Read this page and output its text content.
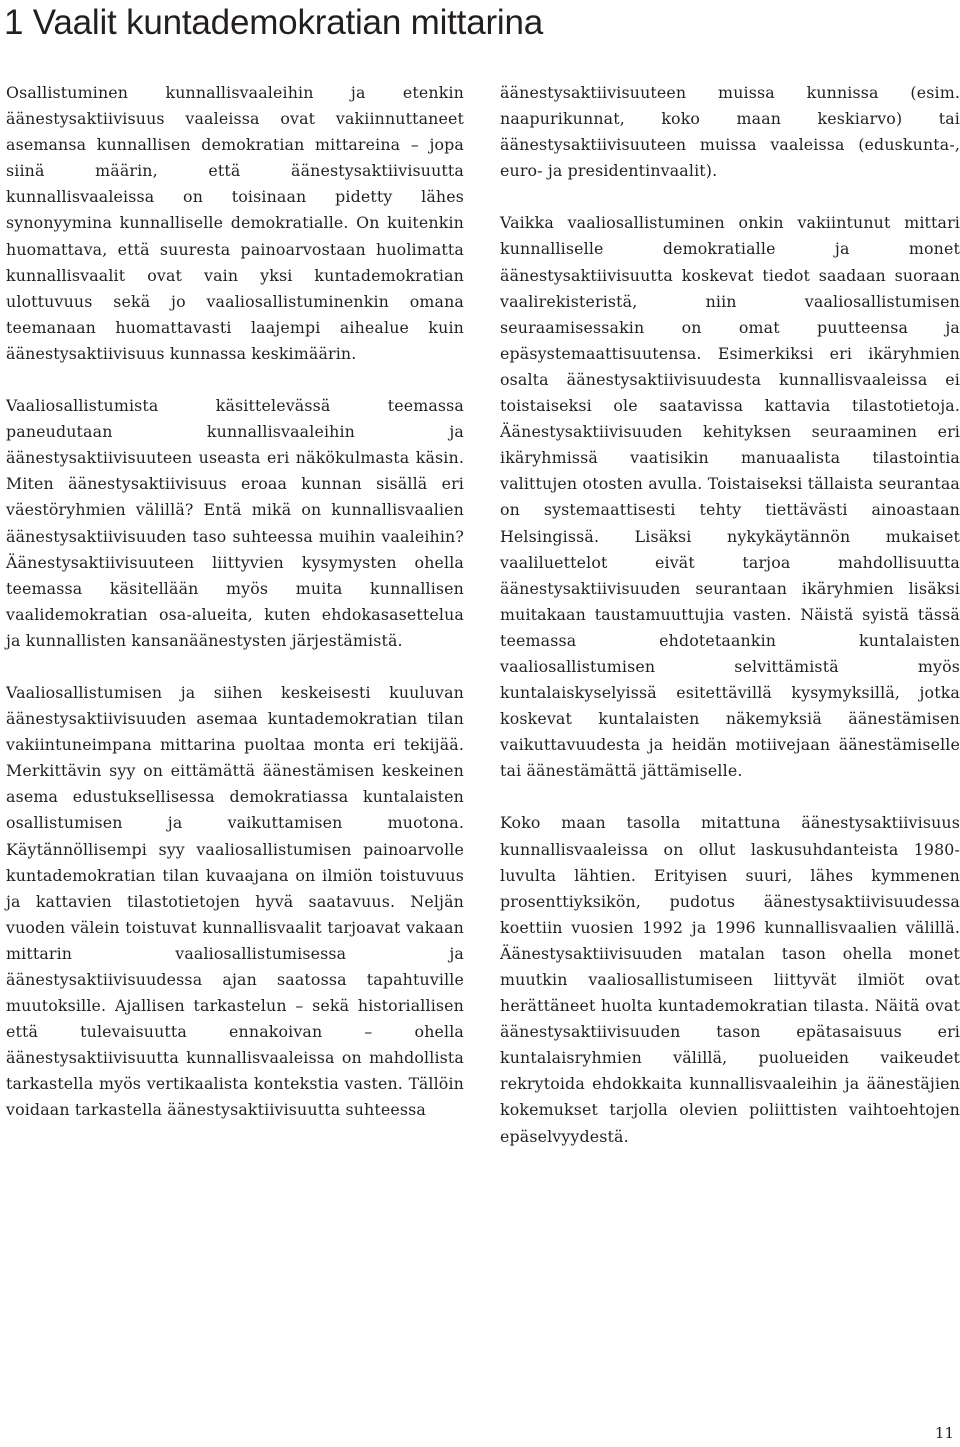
1 Vaalit kuntademokratian mittarina

Osallistuminen kunnallisvaaleihin ja etenkin äänestysaktiivisuus vaaleissa ovat vakiinnuttaneet asemansa kunnallisen demokratian mittareina – jopa siinä määrin, että äänestysaktiivisuutta kunnallisvaaleissa on toisinaan pidetty lähes synonyymina kunnalliselle demokratialle. On kuitenkin huomattava, että suuresta painoarvostaan huolimatta kunnallisvaalit ovat vain yksi kuntademokratian ulottuvuus sekä jo vaaliosallistuminenkin omana teemanaan huomattavasti laajempi aihealue kuin äänestysaktiivisuus kunnassa keskimäärin.

Vaaliosallistumista käsittelevässä teemassa paneudutaan kunnallisvaaleihin ja äänestysaktiivisuuteen useasta eri näkökulmasta käsin. Miten äänestysaktiivisuus eroaa kunnan sisällä eri väestöryhmien välillä? Entä mikä on kunnallisvaalien äänestysaktiivisuuden taso suhteessa muihin vaaleihin? Äänestysaktiivisuuteen liittyvien kysymysten ohella teemassa käsitellään myös muita kunnallisen vaalidemokratian osa-alueita, kuten ehdokasasettelua ja kunnallisten kansanäänestysten järjestämistä.

Vaaliosallistumisen ja siihen keskeisesti kuuluvan äänestysaktiivisuuden asemaa kuntademokratian tilan vakiintuneimpana mittarina puoltaa monta eri tekijää. Merkittävin syy on eittämättä äänestämisen keskeinen asema edustuksellisessa demokratiassa kuntalaisten osallistumisen ja vaikuttamisen muotona. Käytännöllisempi syy vaaliosallistumisen painoarvolle kuntademokratian tilan kuvaajana on ilmiön toistuvuus ja kattavien tilastotietojen hyvä saatavuus. Neljän vuoden välein toistuvat kunnallisvaalit tarjoavat vakaan mittarin vaaliosallistumisessa ja äänestysaktiivisuudessa ajan saatossa tapahtuville muutoksille. Ajallisen tarkastelun – sekä historiallisen että tulevaisuutta ennakoivan – ohella äänestysaktiivisuutta kunnallisvaaleissa on mahdollista tarkastella myös vertikaalista kontekstia vasten. Tällöin voidaan tarkastella äänestysaktiivisuutta suhteessa

äänestysaktiivisuuteen muissa kunnissa (esim. naapurikunnat, koko maan keskiarvo) tai äänestysaktiivisuuteen muissa vaaleissa (eduskunta-, euro- ja presidentinvaalit).

Vaikka vaaliosallistuminen onkin vakiintunut mittari kunnalliselle demokratialle ja monet äänestysaktiivisuutta koskevat tiedot saadaan suoraan vaalirekisteristä, niin vaaliosallistumisen seuraamisessakin on omat puutteensa ja epäsystemaattisuutensa. Esimerkiksi eri ikäryhmien osalta äänestysaktiivisuudesta kunnallisvaaleissa ei toistaiseksi ole saatavissa kattavia tilastotietoja. Äänestysaktiivisuuden kehityksen seuraaminen eri ikäryhmissä vaatisikin manuaalista tilastointia valittujen otosten avulla. Toistaiseksi tällaista seurantaa on systemaattisesti tehty tiettävästi ainoastaan Helsingissä. Lisäksi nykykäytännön mukaiset vaaliluettelot eivät tarjoa mahdollisuutta äänestysaktiivisuuden seurantaan ikäryhmien lisäksi muitakaan taustamuuttujia vasten. Näistä syistä tässä teemassa ehdotetaankin kuntalaisten vaaliosallistumisen selvittämistä myös kuntalaiskyselyissä esitettävillä kysymyksillä, jotka koskevat kuntalaisten näkemyksiä äänestämisen vaikuttavuudesta ja heidän motiivejaan äänestämiselle tai äänestämättä jättämiselle.

Koko maan tasolla mitattuna äänestysaktiivisuus kunnallisvaaleissa on ollut laskusuhdanteista 1980-luvulta lähtien. Erityisen suuri, lähes kymmenen prosenttiyksikön, pudotus äänestysaktiivisuudessa koettiin vuosien 1992 ja 1996 kunnallisvaalien välillä. Äänestysaktiivisuuden matalan tason ohella monet muutkin vaaliosallistumiseen liittyvät ilmiöt ovat herättäneet huolta kuntademokratian tilasta. Näitä ovat äänestysaktiivisuuden tason epätasaisuus eri kuntalaisryhmien välillä, puolueiden vaikeudet rekrytoida ehdokkaita kunnallisvaaleihin ja äänestäjien kokemukset tarjolla olevien poliittisten vaihtoehtojen epäselvyydestä.

11
